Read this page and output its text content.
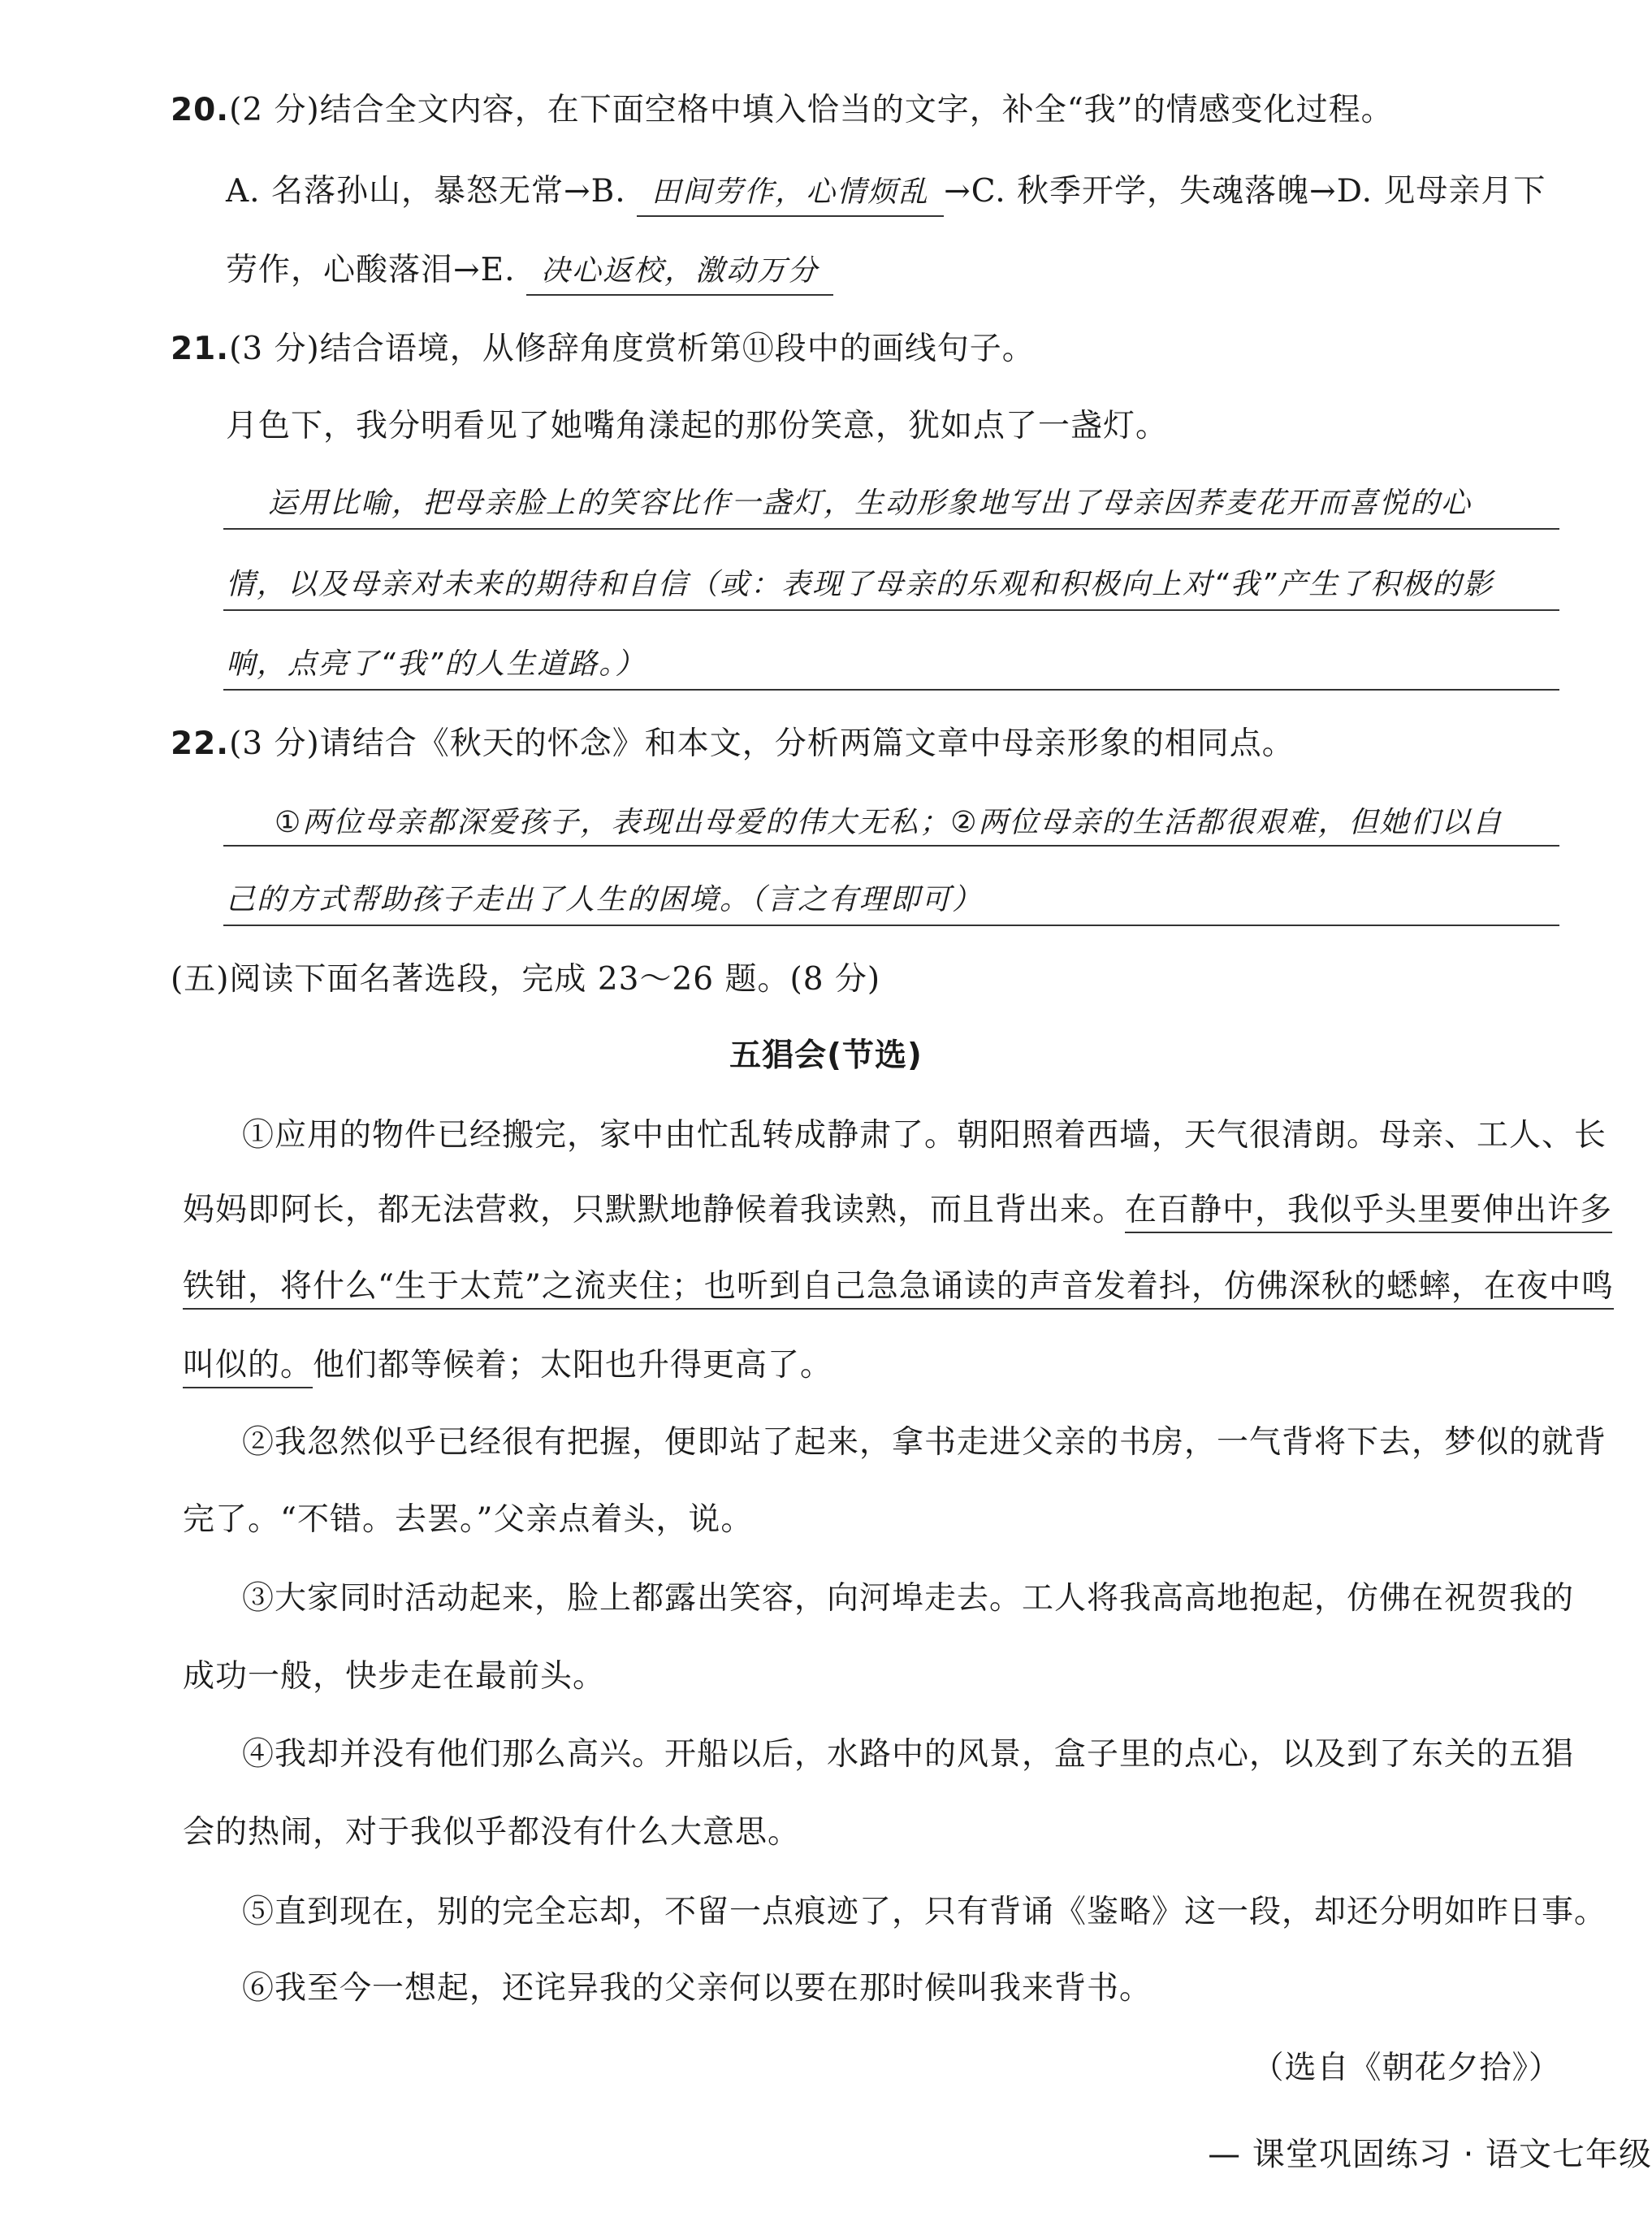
20.(2 分)结合全文内容，在下面空格中填入恰当的文字，补全“我”的情感变化过程。
A. 名落孙山，暴怒无常→B. 田间劳作，心情烦乱 →C. 秋季开学，失魂落魄→D. 见母亲月下
劳作，心酸落泪→E. 决心返校，激动万分
21.(3 分)结合语境，从修辞角度赏析第⑪段中的画线句子。
月色下，我分明看见了她嘴角漾起的那份笑意，犹如点了一盏灯。
运用比喻，把母亲脸上的笑容比作一盏灯，生动形象地写出了母亲因荞麦花开而喜悦的心
情，以及母亲对未来的期待和自信（或：表现了母亲的乐观和积极向上对“我”产生了积极的影
响，点亮了“我”的人生道路。）
22.(3 分)请结合《秋天的怀念》和本文，分析两篇文章中母亲形象的相同点。
①两位母亲都深爱孩子，表现出母爱的伟大无私；②两位母亲的生活都很艰难，但她们以自
己的方式帮助孩子走出了人生的困境。（言之有理即可）
(五)阅读下面名著选段，完成 23～26 题。(8 分)
五猖会(节选)
①应用的物件已经搬完，家中由忙乱转成静肃了。朝阳照着西墙，天气很清朗。母亲、工人、长
妈妈即阿长，都无法营救，只默默地静候着我读熟，而且背出来。在百静中，我似乎头里要伸出许多
铁钳，将什么“生于太荒”之流夹住；也听到自己急急诵读的声音发着抖，仿佛深秋的蟋蟀，在夜中鸣
叫似的。他们都等候着；太阳也升得更高了。
②我忽然似乎已经很有把握，便即站了起来，拿书走进父亲的书房，一气背将下去，梦似的就背
完了。“不错。去罢。”父亲点着头，说。
③大家同时活动起来，脸上都露出笑容，向河埠走去。工人将我高高地抱起，仿佛在祝贺我的
成功一般，快步走在最前头。
④我却并没有他们那么高兴。开船以后，水路中的风景，盒子里的点心，以及到了东关的五猖
会的热闹，对于我似乎都没有什么大意思。
⑤直到现在，别的完全忘却，不留一点痕迹了，只有背诵《鉴略》这一段，却还分明如昨日事。
⑥我至今一想起，还诧异我的父亲何以要在那时候叫我来背书。
（选自《朝花夕拾》）
— 课堂巩固练习 · 语文七年级
